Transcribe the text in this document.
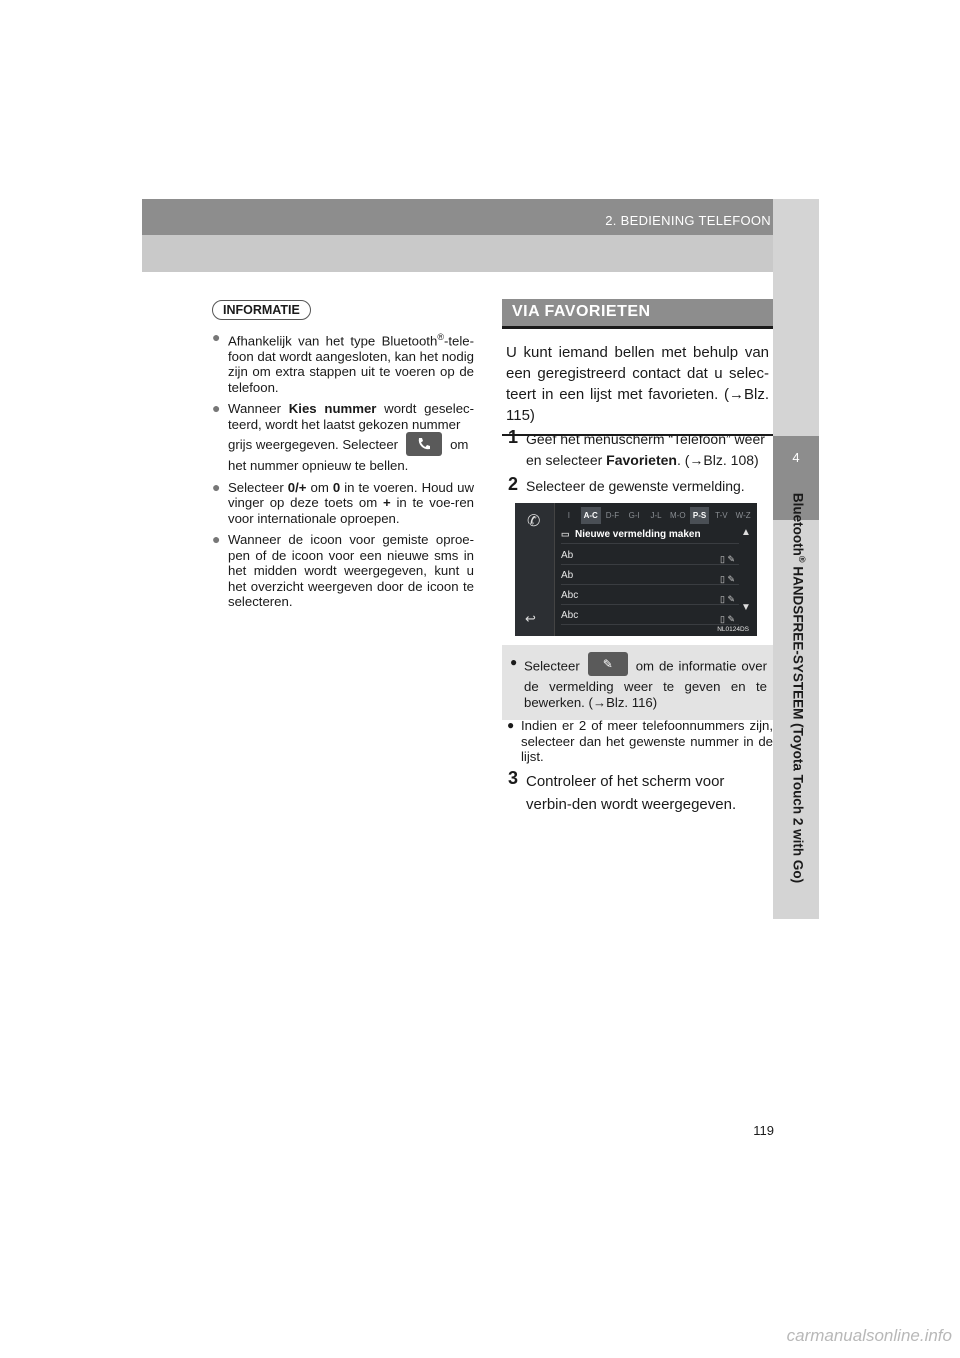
2. BEDIENING TELEFOON
4
Bluetooth® HANDSFREE-SYSTEEM (Toyota Touch 2 with Go)
INFORMATIE
● Afhankelijk van het type Bluetooth®-tele-foon dat wordt aangesloten, kan het nodig zijn om extra stappen uit te voeren op de telefoon.
● Wanneer Kies nummer wordt geselec-teerd, wordt het laatst gekozen nummer
grijs weergegeven. Selecteer	om
het nummer opnieuw te bellen.
● Selecteer 0/+ om 0 in te voeren. Houd uw vinger op deze toets om + in te voe-ren voor internationale oproepen.
● Wanneer de icoon voor gemiste oproe-pen of de icoon voor een nieuwe sms in het midden wordt weergegeven, kunt u het overzicht weergeven door de icoon te selecteren.
VIA FAVORIETEN
U kunt iemand bellen met behulp van een geregistreerd contact dat u selec-teert in een lijst met favorieten. (→Blz. 115)
1 Geef het menuscherm “Telefoon” weer en selecteer Favorieten. (→Blz. 108)
2 Selecteer de gewenste vermelding.
✆
↩
I	A-C	D-F	G-I	J-L	M-O P-S	T-V	W-Z
▭ Nieuwe vermelding maken
Ab	▯ ✎
Ab	▯ ✎
Abc	▯ ✎
Abc	▯ ✎
▲
▼
NL0124DS
● Selecteer ✎ om de informatie over de vermelding weer te geven en te bewerken. (→Blz. 116)
● Indien er 2 of meer telefoonnummers zijn, selecteer dan het gewenste nummer in de lijst.
3 Controleer of het scherm voor verbin-den wordt weergegeven.
119
carmanualsonline.info
